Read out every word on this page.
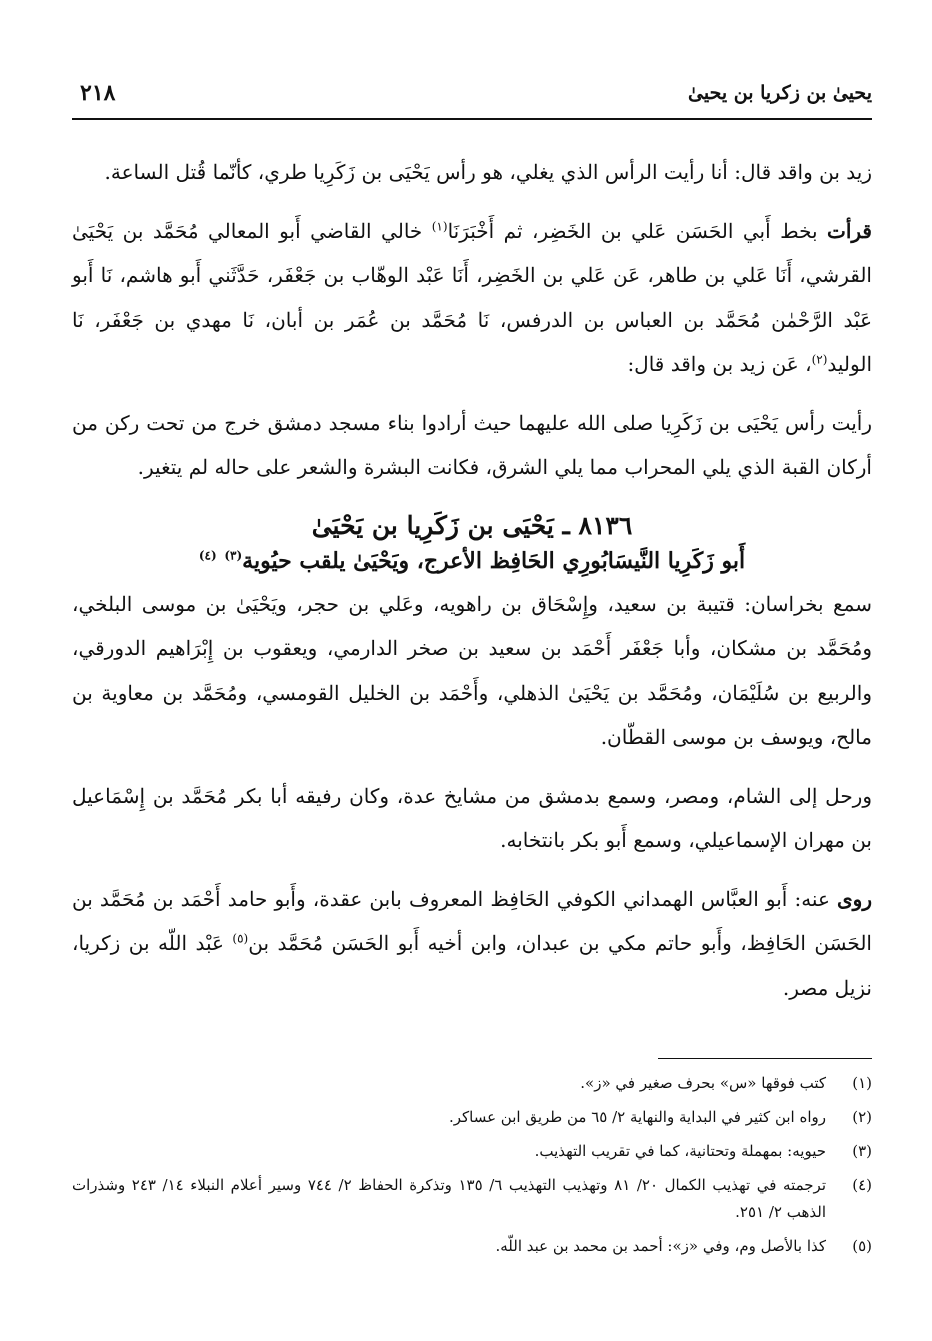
يحيىٰ بن زكريا بن يحيىٰ
٢١٨

زيد بن واقد قال: أنا رأيت الرأس الذي يغلي، هو رأس يَحْيَى بن زَكَرِيا طري، كأنّما قُتل الساعة.

قرأت بخط أَبي الحَسَن عَلي بن الخَضِر، ثم أَخْبَرَنَا$^{(١)}$ خالي القاضي أَبو المعالي مُحَمَّد بن يَحْيَىٰ القرشي، أَنَا عَلي بن طاهر، عَن عَلي بن الخَضِر، أَنَا عَبْد الوهّاب بن جَعْفَر، حَدَّثَني أَبو هاشم، نَا أَبو عَبْد الرَّحْمٰن مُحَمَّد بن العباس بن الدرفس، نَا مُحَمَّد بن عُمَر بن أبان، نَا مهدي بن جَعْفَر، نَا الوليد$^{(٢)}$، عَن زيد بن واقد قال:

رأيت رأس يَحْيَى بن زَكَرِيا صلى الله عليهما حيث أرادوا بناء مسجد دمشق خرج من تحت ركن من أركان القبة الذي يلي المحراب مما يلي الشرق، فكانت البشرة والشعر على حاله لم يتغير.

٨١٣٦ ـ يَحْيَى بن زَكَرِيا بن يَحْيَىٰ
أَبو زَكَرِيا النَّيسَابُورِي الحَافِظ الأعرج، ويَحْيَىٰ يلقب حيُوية$^{(٣)}$ $^{(٤)}$

سمع بخراسان: قتيبة بن سعيد، وإِسْحَاق بن راهويه، وعَلي بن حجر، ويَحْيَىٰ بن موسى البلخي، ومُحَمَّد بن مشكان، وأبا جَعْفَر أَحْمَد بن سعيد بن صخر الدارمي، ويعقوب بن إِبْرَاهيم الدورقي، والربيع بن سُلَيْمَان، ومُحَمَّد بن يَحْيَىٰ الذهلي، وأَحْمَد بن الخليل القومسي، ومُحَمَّد بن معاوية بن مالح، ويوسف بن موسى القطّان.

ورحل إلى الشام، ومصر، وسمع بدمشق من مشايخ عدة، وكان رفيقه أبا بكر مُحَمَّد بن إِسْمَاعيل بن مهران الإسماعيلي، وسمع أَبو بكر بانتخابه.

روى عنه: أَبو العبَّاس الهمداني الكوفي الحَافِظ المعروف بابن عقدة، وأَبو حامد أَحْمَد بن مُحَمَّد بن الحَسَن الحَافِظ، وأَبو حاتم مكي بن عبدان، وابن أخيه أَبو الحَسَن مُحَمَّد بن$^{(٥)}$ عَبْد اللّه بن زكريا، نزيل مصر.

(١)
كتب فوقها «س» بحرف صغير في «ز».
(٢)
رواه ابن كثير في البداية والنهاية ٢/ ٦٥ من طريق ابن عساكر.
(٣)
حيويه: بمهملة وتحتانية، كما في تقريب التهذيب.
(٤)
ترجمته في تهذيب الكمال ٢٠/ ٨١ وتهذيب التهذيب ٦/ ١٣٥ وتذكرة الحفاظ ٢/ ٧٤٤ وسير أعلام النبلاء ١٤/ ٢٤٣ وشذرات الذهب ٢/ ٢٥١.
(٥)
كذا بالأصل وم، وفي «ز»: أحمد بن محمد بن عبد اللّه.
